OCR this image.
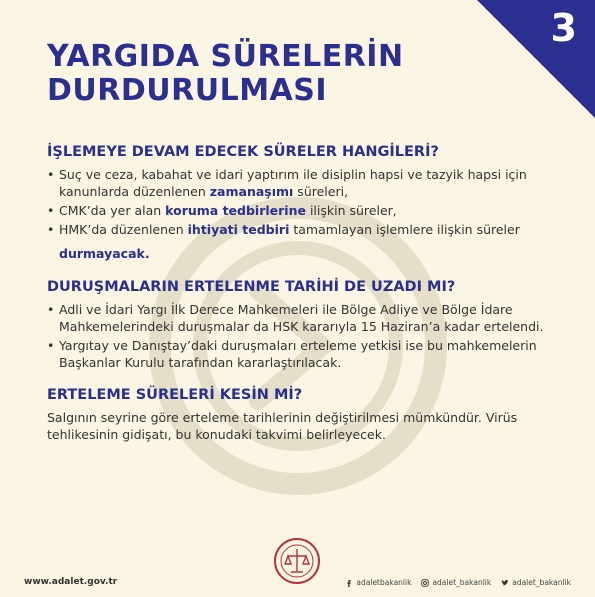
3
YARGIDA SÜRELERİN
DURDURULMASI
İŞLEMEYE DEVAM EDECEK SÜRELER HANGİLERİ?
• Suç ve ceza, kabahat ve idari yaptırım ile disiplin hapsi ve tazyik hapsi için kanunlarda düzenlenen zamanaşımı süreleri,
• CMK’da yer alan koruma tedbirlerine ilişkin süreler,
• HMK’da düzenlenen ihtiyati tedbiri tamamlayan işlemlere ilişkin süreler
durmayacak.
DURUŞMALARIN ERTELENME TARİHİ DE UZADI MI?
• Adli ve İdari Yargı İlk Derece Mahkemeleri ile Bölge Adliye ve Bölge İdare Mahkemelerindeki duruşmalar da HSK kararıyla 15 Haziran’a kadar ertelendi.
• Yargıtay ve Danıştay’daki duruşmaları erteleme yetkisi ise bu mahkemelerin Başkanlar Kurulu tarafından kararlaştırılacak.
ERTELEME SÜRELERİ KESİN Mİ?

Salgının seyrine göre erteleme tarihlerinin değiştirilmesi mümkündür. Virüs tehlikesinin gidişatı, bu konudaki takvimi belirleyecek.

www.adalet.gov.tr	adaletbakanlik	adalet_bakanlik	adalet_bakanlik
